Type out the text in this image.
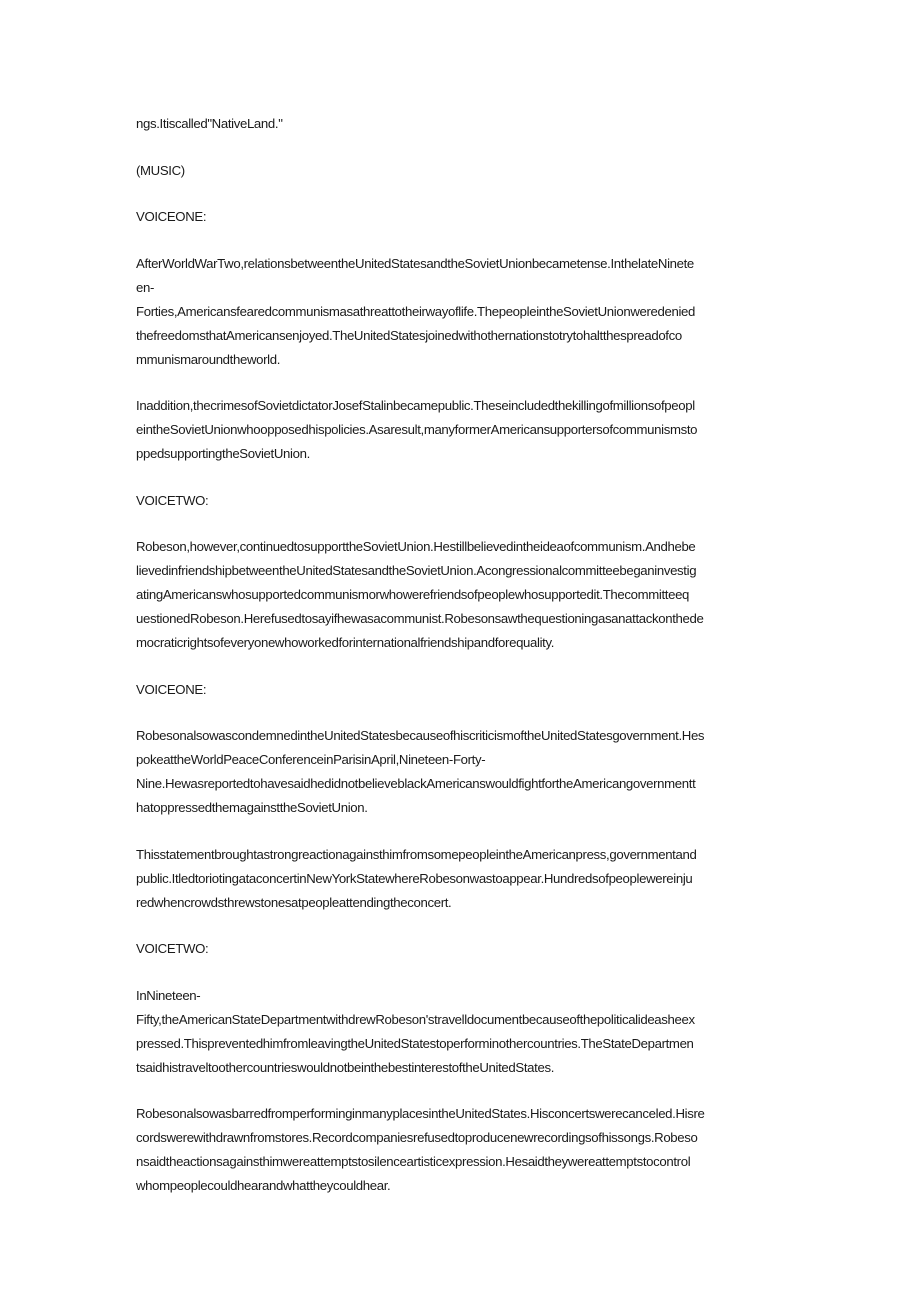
ngs.Itiscalled"NativeLand."
(MUSIC)
VOICEONE:
AfterWorldWarTwo,relationsbetweentheUnitedStatesandtheSovietUnionbecametense.InthelateNinete
en-
Forties,Americansfearedcommunismasathreattotheirwayoflife.ThepeopleintheSovietUnionweredenied
thefreedomsthatAmericansenjoyed.TheUnitedStatesjoinedwithothernationstotrytohaltthespreadofco
mmunismaroundtheworld.
Inaddition,thecrimesofSovietdictatorJosefStalinbecamepublic.Theseincludedthekillingofmillionsofpeopl
eintheSovietUnionwhoopposedhispolicies.Asaresult,manyformerAmericansupportersofcommunismsto
ppedsupportingtheSovietUnion.
VOICETWO:
Robeson,however,continuedtosupporttheSovietUnion.Hestillbelievedintheideaofcommunism.Andhebe
lievedinfriendshipbetweentheUnitedStatesandtheSovietUnion.Acongressionalcommitteebeganinvestig
atingAmericanswhosupportedcommunismorwhowerefriendsofpeoplewhosupportedit.Thecommitteeq
uestionedRobeson.Herefusedtosayifhewasacommunist.Robesonsawthequestioningasanattackonthede
mocraticrightsofeveryonewhoworkedforinternationalfriendshipandforequality.
VOICEONE:
RobesonalsowascondemnedintheUnitedStatesbecauseofhiscriticismoftheUnitedStatesgovernment.Hes
pokeattheWorldPeaceConferenceinParisinApril,Nineteen-Forty-
Nine.HewasreportedtohavesaidhedidnotbelieveblackAmericanswouldfightfortheAmericangovernmentt
hatoppressedthemagainsttheSovietUnion.
ThisstatementbroughtastrongreactionagainsthimfromsomepeopleintheAmericanpress,governmentand
public.ItledtoriotingataconcertinNewYorkStatewhereRobesonwastoappear.Hundredsofpeoplewereinju
redwhencrowdsthrewstonesatpeopleattendingtheconcert.
VOICETWO:
InNineteen-
Fifty,theAmericanStateDepartmentwithdrewRobeson'stravelldocumentbecauseofthepoliticalideasheex
pressed.ThispreventedhimfromleavingtheUnitedStatestoperforminothercountries.TheStateDepartmen
tsaidhistraveltoothercountrieswouldnotbeinthebestinterestoftheUnitedStates.
RobesonalsowasbarredfromperforminginmanyplacesintheUnitedStates.Hisconcertswerecanceled.Hisre
cordswerewithdrawnfromstores.Recordcompaniesrefusedtoproducenewrecordingsofhissongs.Robeso
nsaidtheactionsagainsthimwereattemptstosilenceartisticexpression.Hesaidtheywereattemptstocontrol
whompeoplecouldhearandwhattheycouldhear.
